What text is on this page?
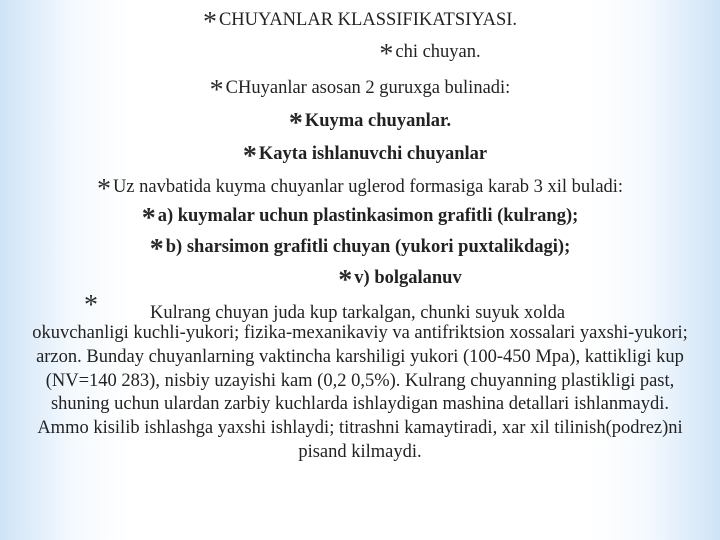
* CHUYANLAR KLASSIFIKATSIYASI.
* chi chuyan.
* CHuyanlar asosan 2 guruxga bulinadi:
* Kuyma chuyanlar.
* Kayta ishlanuvchi chuyanlar
* Uz navbatida kuyma chuyanlar uglerod formasiga karab 3 xil buladi:
* a) kuymalar uchun plastinkasimon grafitli (kulrang);
* b) sharsimon grafitli chuyan (yukori puxtalikdagi);
* v) bolgalanuv
*	Kulrang chuyan juda kup tarkalgan, chunki suyuk xolda
okuvchanligi kuchli-yukori; fizika-mexanikaviy va antifriktsion xossalari yaxshi-yukori; arzon. Bunday chuyanlarning vaktincha karshiligi yukori (100-450 Mpa), kattikligi kup (NV=140 283), nisbiy uzayishi kam (0,2 0,5%). Kulrang chuyanning plastikligi past, shuning uchun ulardan zarbiy kuchlarda ishlaydigan mashina detallari ishlanmaydi. Ammo kisilib ishlashga yaxshi ishlaydi; titrashni kamaytiradi, xar xil tilinish(podrez)ni pisand kilmaydi.
